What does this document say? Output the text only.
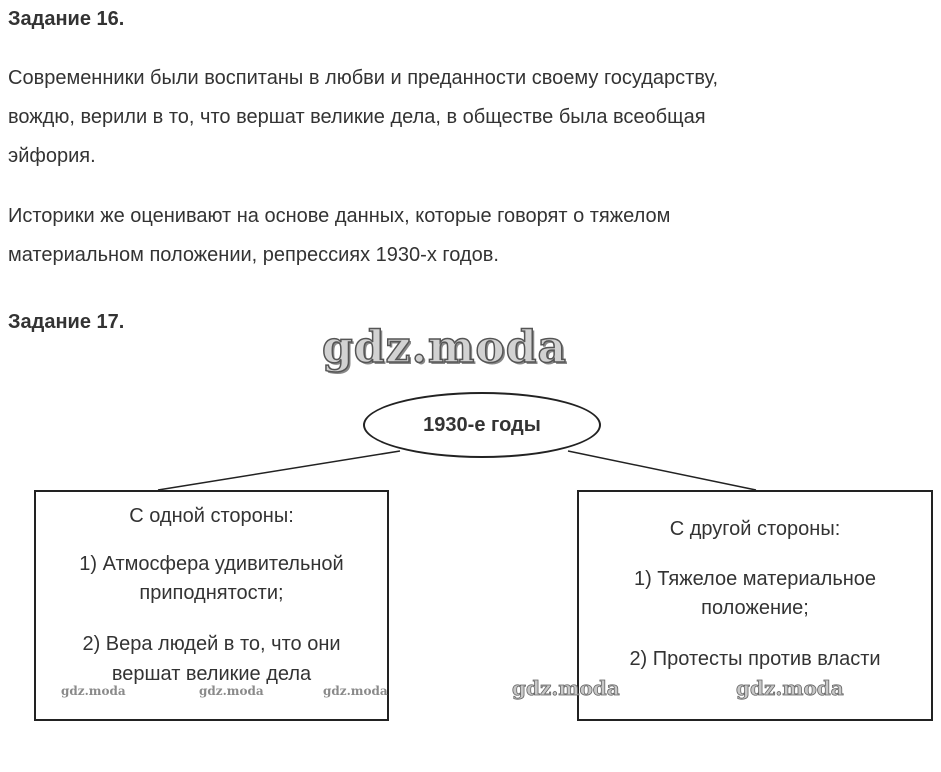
Задание 16.
Современники были воспитаны в любви и преданности своему государству,
вождю, верили в то, что вершат великие дела, в обществе была всеобщая
эйфория.
Историки же оценивают на основе данных, которые говорят о тяжелом
материальном положении, репрессиях 1930-х годов.
Задание 17.	gdz.moda
1930-е годы
С одной стороны:
1) Атмосфера удивительной
приподнятости;
2) Вера людей в то, что они
вершат великие дела
С другой стороны:
1) Тяжелое материальное
положение;
2) Протесты против власти
gdz.moda	gdz.moda	gdz.moda	gdz.moda	gdz.moda
